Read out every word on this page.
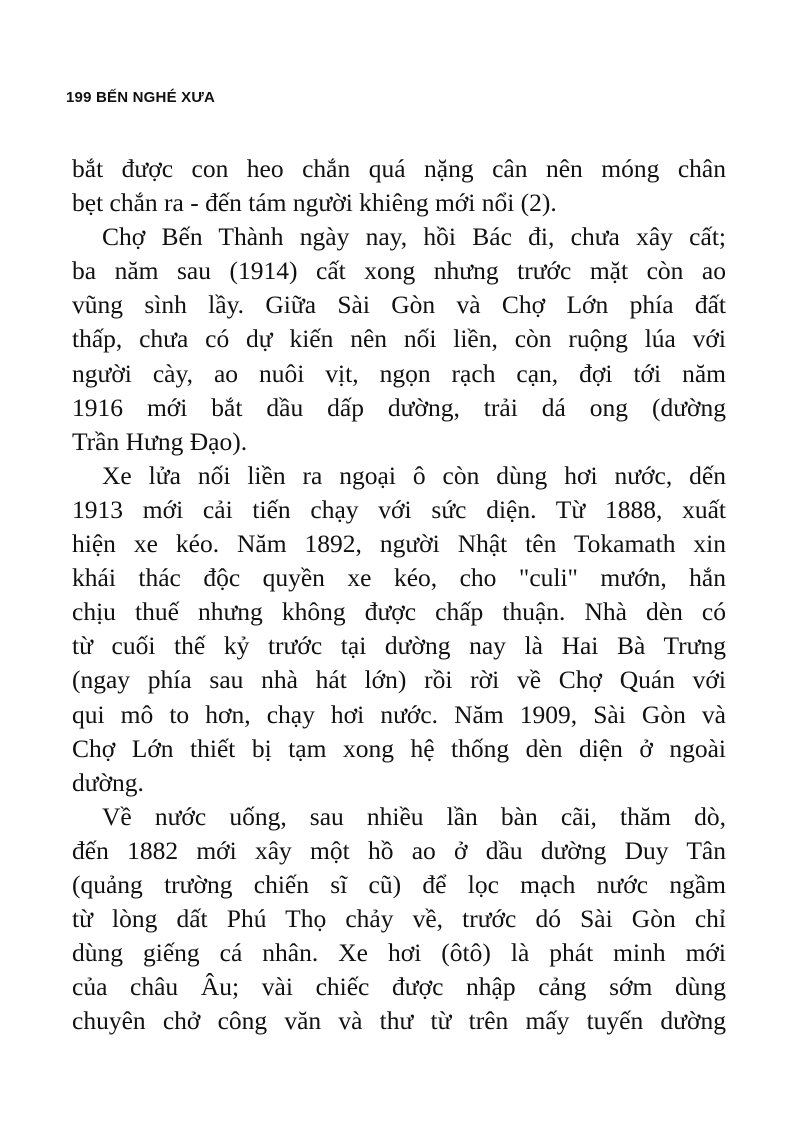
199 BẾN NGHÉ XƯA
bắt được con heo chắn quá nặng cân nên móng chân
bẹt chắn ra - đến tám người khiêng mới nổi (2).
Chợ Bến Thành ngày nay, hồi Bác đi, chưa xây cất;
ba năm sau (1914) cất xong nhưng trước mặt còn ao
vũng sình lầy. Giữa Sài Gòn và Chợ Lớn phía đất
thấp, chưa có dự kiến nên nối liền, còn ruộng lúa với
người cày, ao nuôi vịt, ngọn rạch cạn, đợi tới năm
1916 mới bắt dầu dấp dường, trải dá ong (dường
Trần Hưng Đạo).
Xe lửa nối liền ra ngoại ô còn dùng hơi nước, dến
1913 mới cải tiến chạy với sức diện. Từ 1888, xuất
hiện xe kéo. Năm 1892, người Nhật tên Tokamath xin
khái thác độc quyền xe kéo, cho "culi" mướn, hắn
chịu thuế nhưng không được chấp thuận. Nhà dèn có
từ cuối thế kỷ trước tại dường nay là Hai Bà Trưng
(ngay phía sau nhà hát lớn) rồi rời về Chợ Quán với
qui mô to hơn, chạy hơi nước. Năm 1909, Sài Gòn và
Chợ Lớn thiết bị tạm xong hệ thống dèn diện ở ngoài
dường.
Về nước uống, sau nhiều lần bàn cãi, thăm dò,
đến 1882 mới xây một hồ ao ở dầu dường Duy Tân
(quảng trường chiến sĩ cũ) để lọc mạch nước ngầm
từ lòng dất Phú Thọ chảy về, trước dó Sài Gòn chỉ
dùng giếng cá nhân. Xe hơi (ôtô) là phát minh mới
của châu Âu; vài chiếc được nhập cảng sớm dùng
chuyên chở công văn và thư từ trên mấy tuyến dường
